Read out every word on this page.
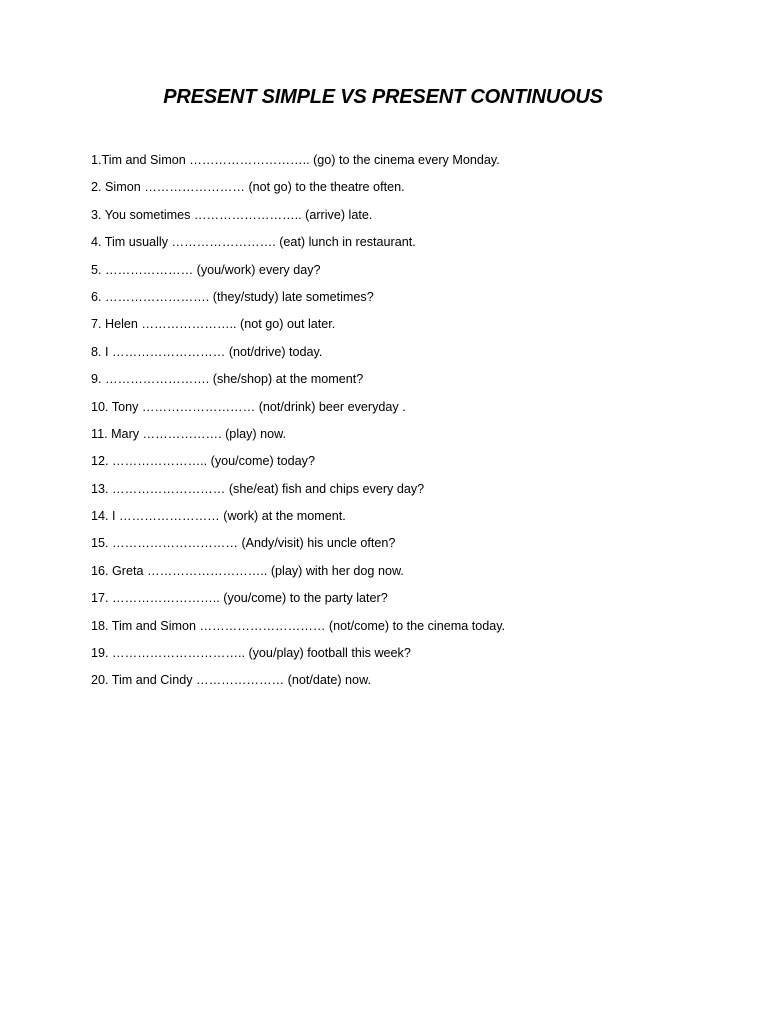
PRESENT SIMPLE VS PRESENT CONTINUOUS
1.Tim and Simon ……………………….. (go) to the cinema every Monday.
2. Simon …………………… (not go) to the theatre often.
3. You sometimes …………………….. (arrive) late.
4. Tim usually ……………………. (eat) lunch in restaurant.
5. ………………… (you/work) every day?
6. ……………………. (they/study) late sometimes?
7. Helen ………………….. (not go) out later.
8. I ……………………… (not/drive) today.
9. ……………………. (she/shop) at the moment?
10. Tony ……………………… (not/drink) beer everyday .
11. Mary ………………. (play) now.
12. ………………….. (you/come) today?
13. ……………………… (she/eat) fish and chips every day?
14. I …………………… (work) at the moment.
15. ………………………… (Andy/visit) his uncle often?
16. Greta ……………………….. (play) with her dog now.
17. …………………….. (you/come) to the party later?
18. Tim and Simon ………………………… (not/come) to the cinema today.
19. ………………………….. (you/play) football this week?
20. Tim and Cindy ………………… (not/date) now.
